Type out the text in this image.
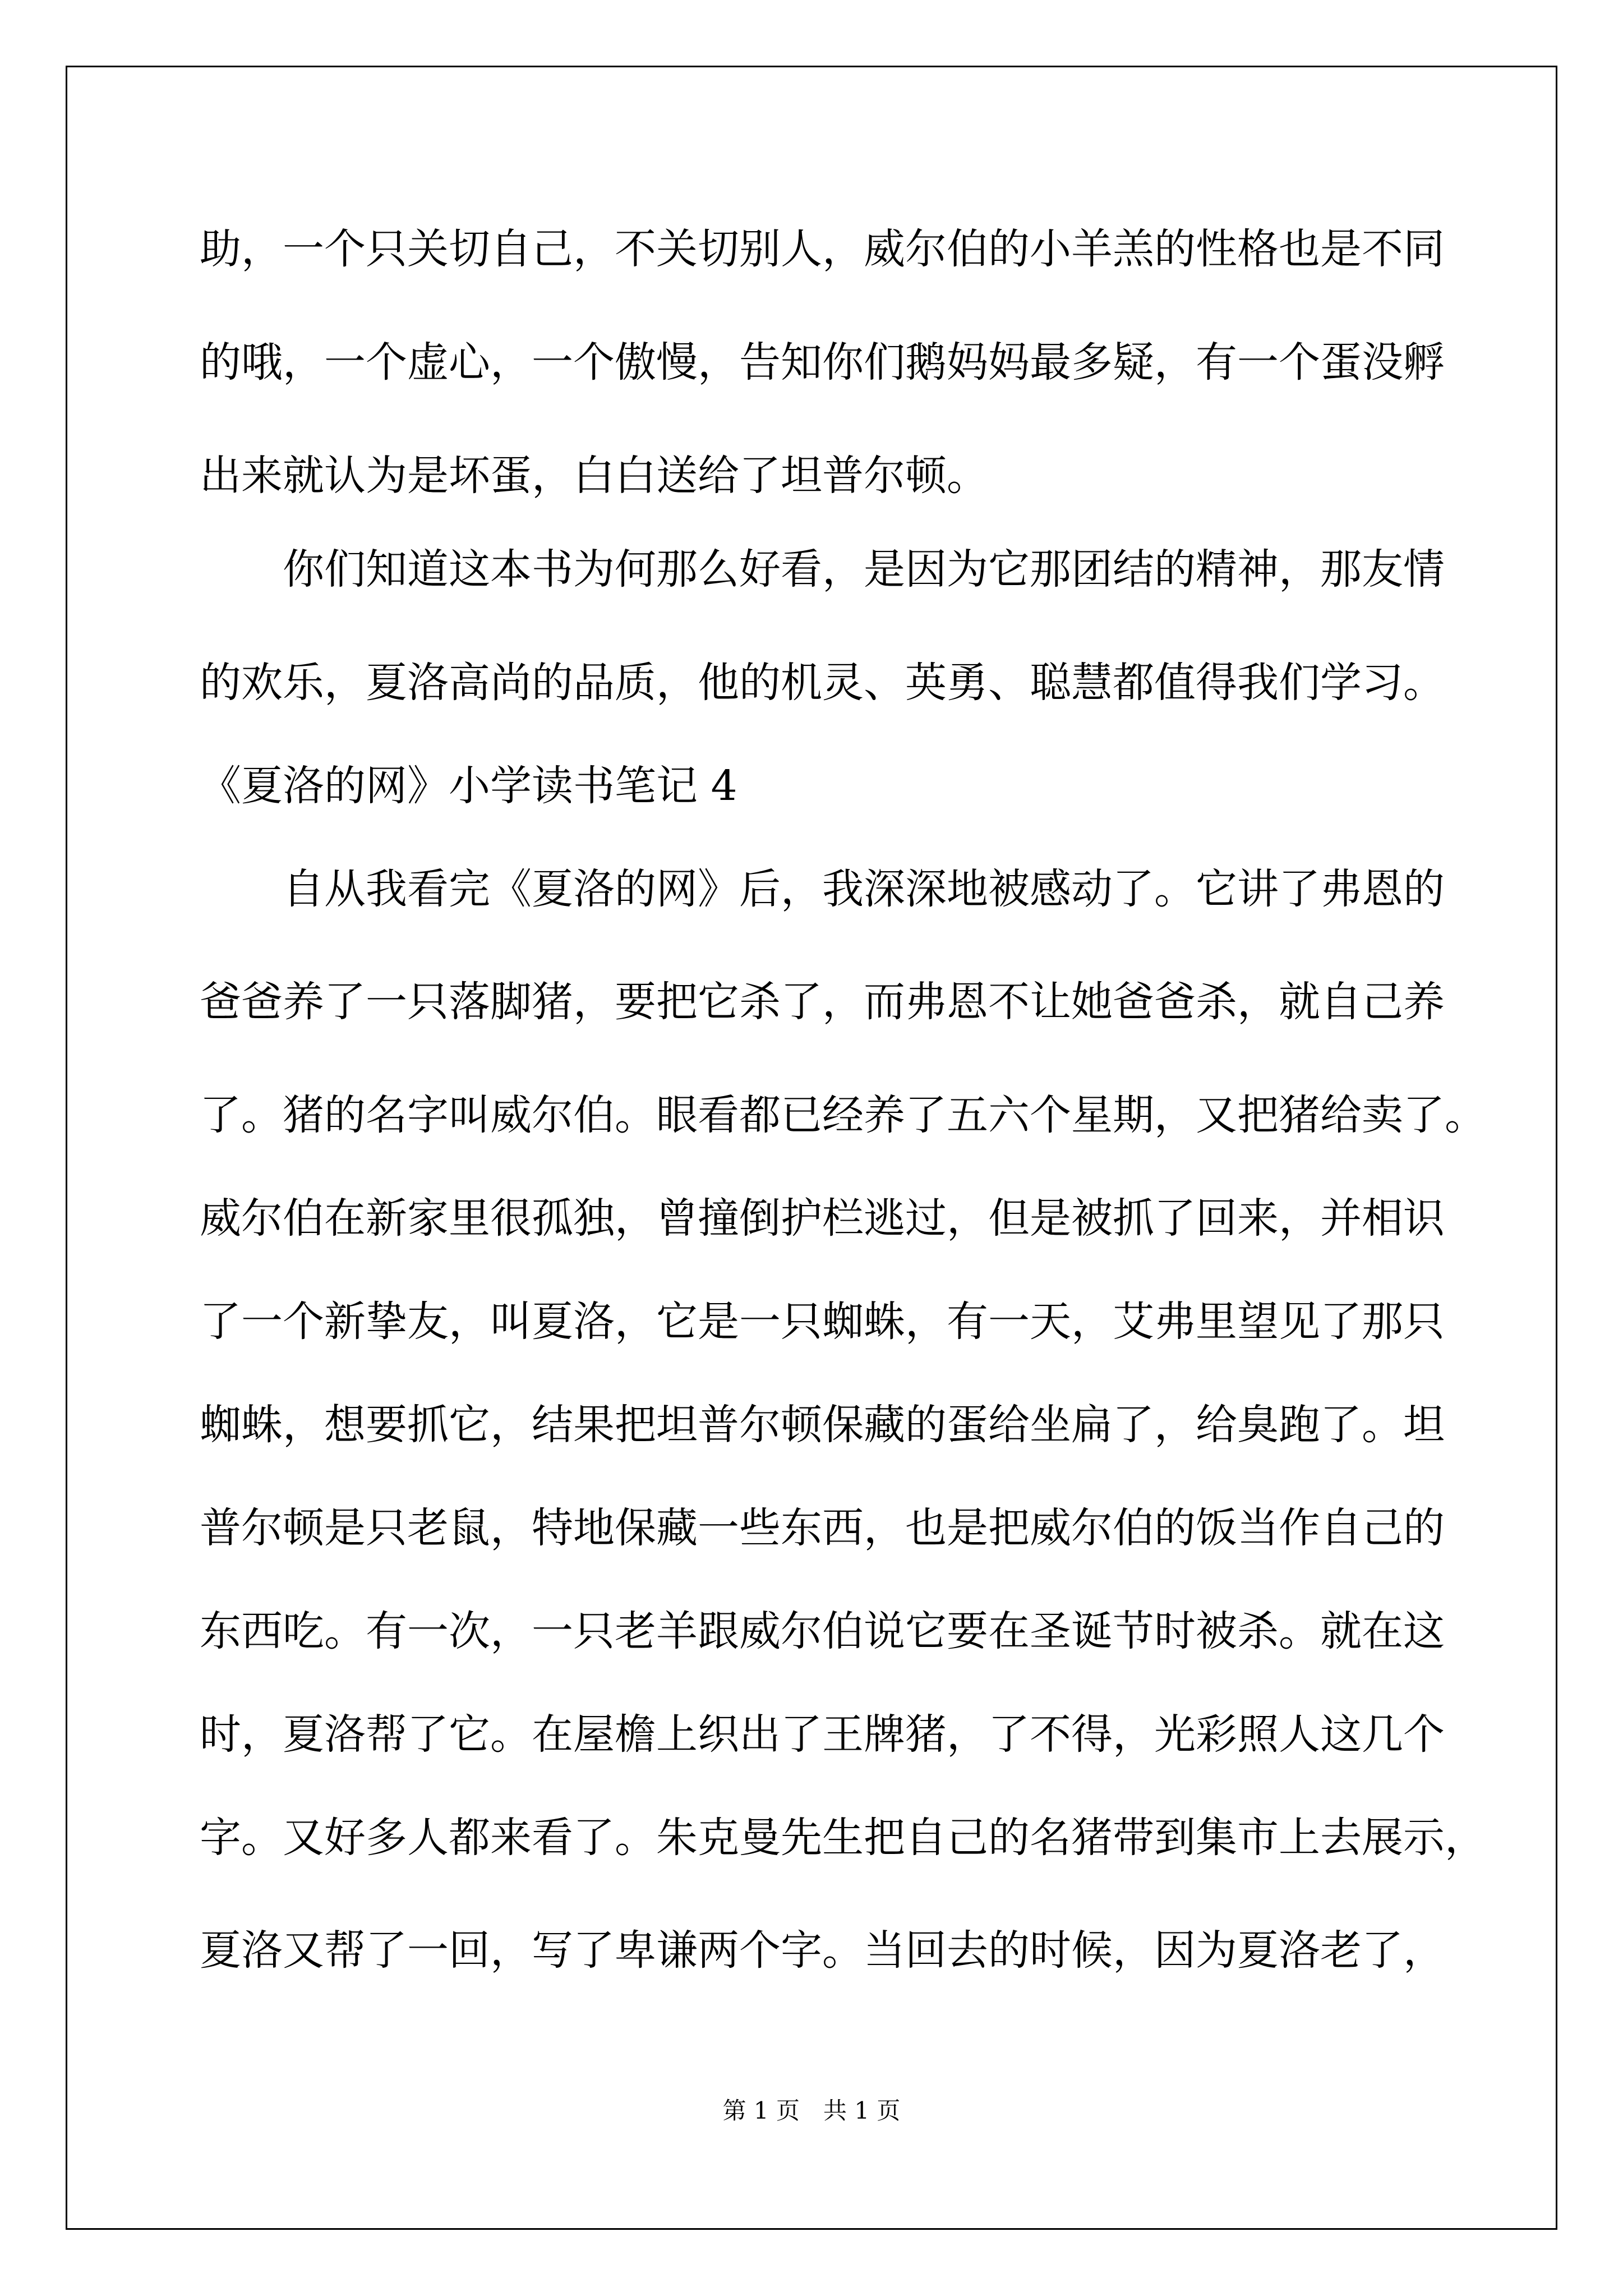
助，一个只关切自己，不关切别人，威尔伯的小羊羔的性格也是不同
的哦，一个虚心，一个傲慢，告知你们鹅妈妈最多疑，有一个蛋没孵
出来就认为是坏蛋，白白送给了坦普尔顿。
　　你们知道这本书为何那么好看，是因为它那团结的精神，那友情
的欢乐，夏洛高尚的品质，他的机灵、英勇、聪慧都值得我们学习。
《夏洛的网》小学读书笔记 4
　　自从我看完《夏洛的网》后，我深深地被感动了。它讲了弗恩的
爸爸养了一只落脚猪，要把它杀了，而弗恩不让她爸爸杀，就自己养
了。猪的名字叫威尔伯。眼看都已经养了五六个星期，又把猪给卖了。
威尔伯在新家里很孤独，曾撞倒护栏逃过，但是被抓了回来，并相识
了一个新挚友，叫夏洛，它是一只蜘蛛，有一天，艾弗里望见了那只
蜘蛛，想要抓它，结果把坦普尔顿保藏的蛋给坐扁了，给臭跑了。坦
普尔顿是只老鼠，特地保藏一些东西，也是把威尔伯的饭当作自己的
东西吃。有一次，一只老羊跟威尔伯说它要在圣诞节时被杀。就在这
时，夏洛帮了它。在屋檐上织出了王牌猪，了不得，光彩照人这几个
字。又好多人都来看了。朱克曼先生把自己的名猪带到集市上去展示，
夏洛又帮了一回，写了卑谦两个字。当回去的时候，因为夏洛老了，
第 1 页　共 1 页
